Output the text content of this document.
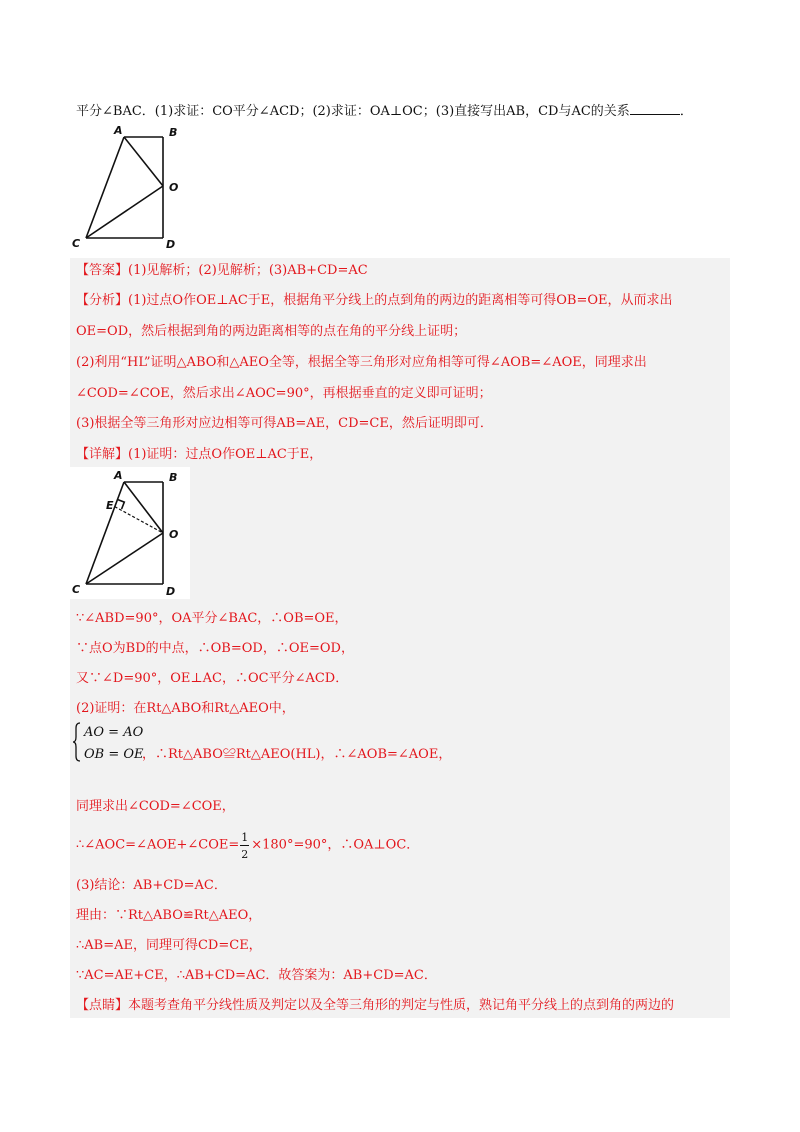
平分∠BAC．(1)求证：CO平分∠ACD；(2)求证：OA⊥OC；(3)直接写出AB，CD与AC的关系	．
A	B
O
C	D
【答案】(1)见解析；(2)见解析；(3)AB+CD=AC
【分析】(1)过点O作OE⊥AC于E，根据角平分线上的点到角的两边的距离相等可得OB=OE，从而求出
OE=OD，然后根据到角的两边距离相等的点在角的平分线上证明；
(2)利用“HL”证明△ABO和△AEO全等，根据全等三角形对应角相等可得∠AOB=∠AOE，同理求出
∠COD=∠COE，然后求出∠AOC=90°，再根据垂直的定义即可证明；
(3)根据全等三角形对应边相等可得AB=AE，CD=CE，然后证明即可．
【详解】(1)证明：过点O作OE⊥AC于E，
A	B
E
O
C	D
∵∠ABD=90°，OA平分∠BAC，∴OB=OE，
∵点O为BD的中点，∴OB=OD，∴OE=OD，
又∵∠D=90°，OE⊥AC，∴OC平分∠ACD．
(2)证明：在Rt△ABO和Rt△AEO中，
AO = AO
OB = OE
，∴Rt△ABO≌Rt△AEO(HL)，∴∠AOB=∠AOE，
同理求出∠COD=∠COE，
∴∠AOC=∠AOE+∠COE= $\frac{1}{2} \times 180^\circ=90^\circ$，∴OA⊥OC．
(3)结论：AB+CD=AC．
理由：∵Rt△ABO≌Rt△AEO，
∴AB=AE，同理可得CD=CE，
∵AC=AE+CE，∴AB+CD=AC．故答案为：AB+CD=AC．
【点睛】本题考查角平分线性质及判定以及全等三角形的判定与性质，熟记角平分线上的点到角的两边的
